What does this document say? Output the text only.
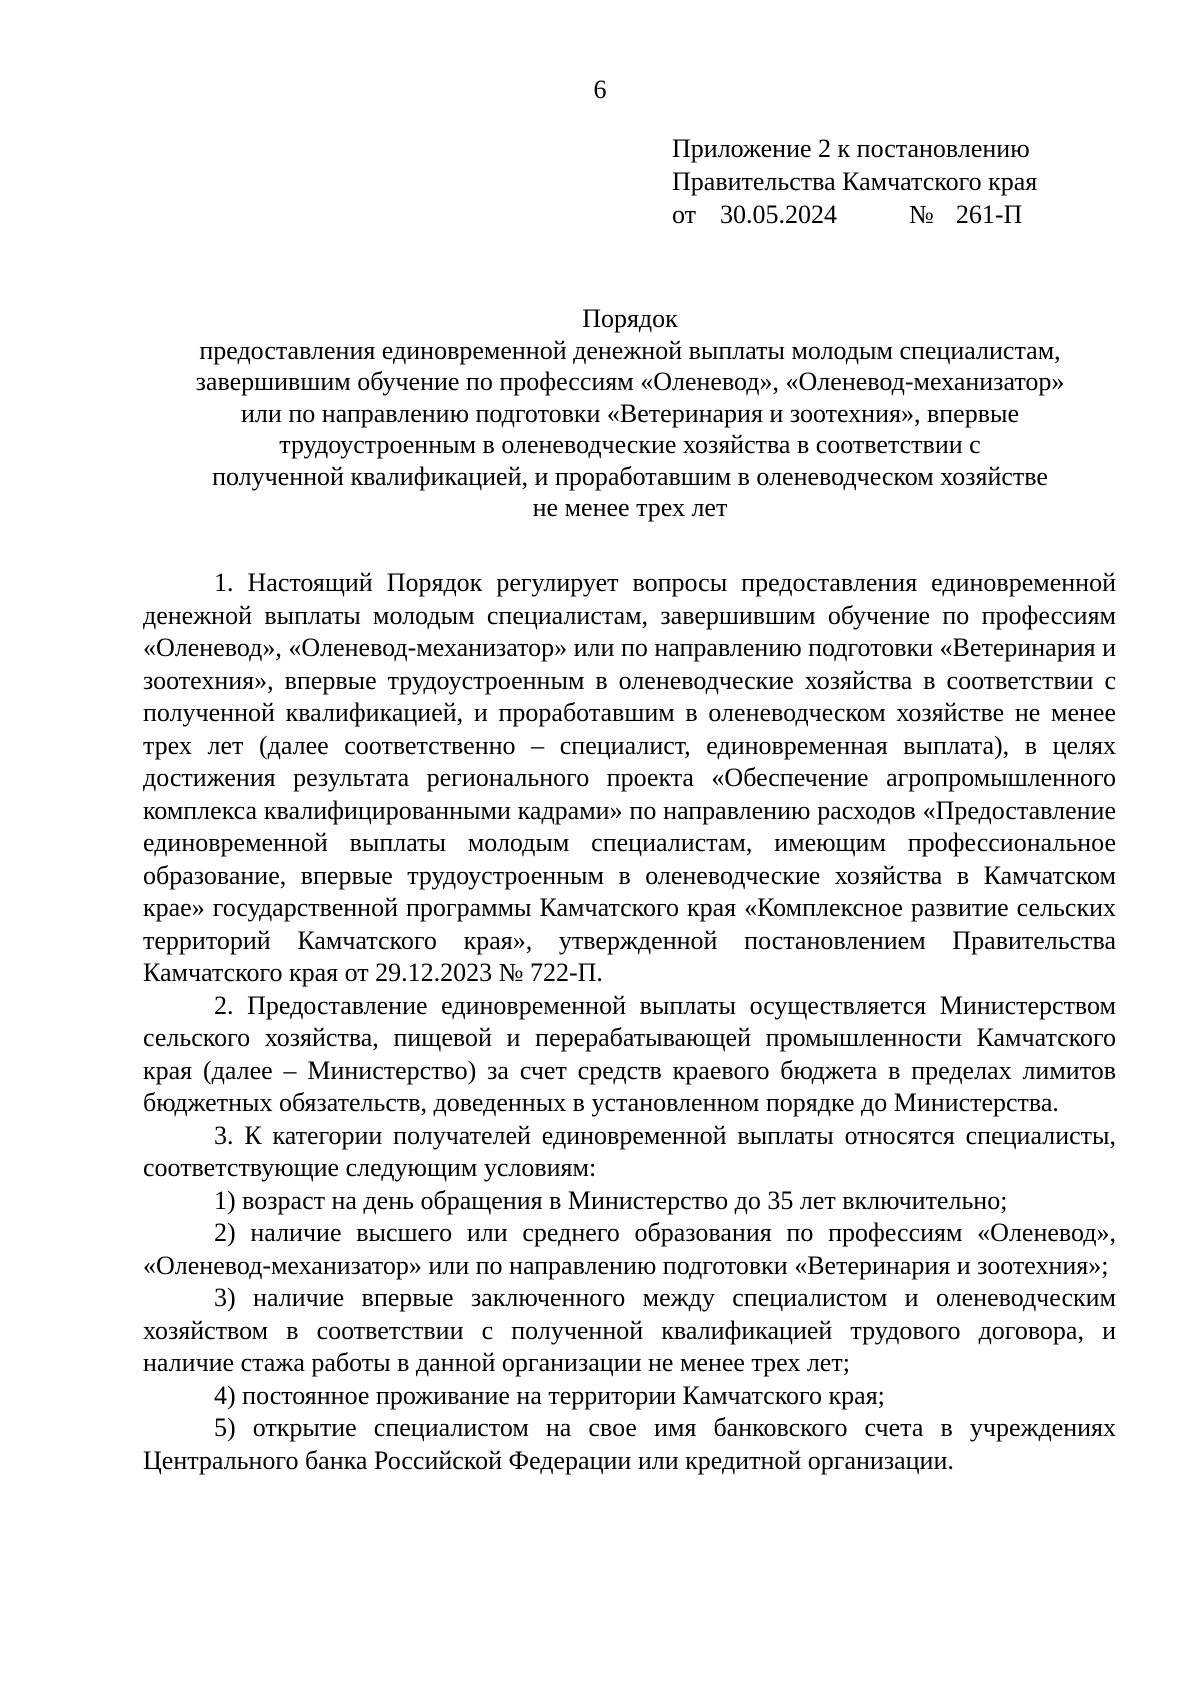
6
Приложение 2 к постановлению
Правительства Камчатского края
от 30.05.2024	№ 261-П
Порядок
предоставления единовременной денежной выплаты молодым специалистам,
завершившим обучение по профессиям «Оленевод», «Оленевод-механизатор»
или по направлению подготовки «Ветеринария и зоотехния», впервые
трудоустроенным в оленеводческие хозяйства в соответствии с
полученной квалификацией, и проработавшим в оленеводческом хозяйстве
не менее трех лет

1. Настоящий Порядок регулирует вопросы предоставления единовременной денежной выплаты молодым специалистам, завершившим обучение по профессиям «Оленевод», «Оленевод-механизатор» или по направлению подготовки «Ветеринария и зоотехния», впервые трудоустроенным в оленеводческие хозяйства в соответствии с полученной квалификацией, и проработавшим в оленеводческом хозяйстве не менее трех лет (далее соответственно – специалист, единовременная выплата), в целях достижения результата регионального проекта «Обеспечение агропромышленного комплекса квалифицированными кадрами» по направлению расходов «Предоставление единовременной выплаты молодым специалистам, имеющим профессиональное образование, впервые трудоустроенным в оленеводческие хозяйства в Камчатском крае» государственной программы Камчатского края «Комплексное развитие сельских территорий Камчатского края», утвержденной постановлением Правительства Камчатского края от 29.12.2023 № 722-П.

2. Предоставление единовременной выплаты осуществляется Министерством сельского хозяйства, пищевой и перерабатывающей промышленности Камчатского края (далее – Министерство) за счет средств краевого бюджета в пределах лимитов бюджетных обязательств, доведенных в установленном порядке до Министерства.

3. К категории получателей единовременной выплаты относятся специалисты, соответствующие следующим условиям:

1) возраст на день обращения в Министерство до 35 лет включительно;

2) наличие высшего или среднего образования по профессиям «Оленевод», «Оленевод-механизатор» или по направлению подготовки «Ветеринария и зоотехния»;

3) наличие впервые заключенного между специалистом и оленеводческим хозяйством в соответствии с полученной квалификацией трудового договора, и наличие стажа работы в данной организации не менее трех лет;

4) постоянное проживание на территории Камчатского края;

5) открытие специалистом на свое имя банковского счета в учреждениях Центрального банка Российской Федерации или кредитной организации.
